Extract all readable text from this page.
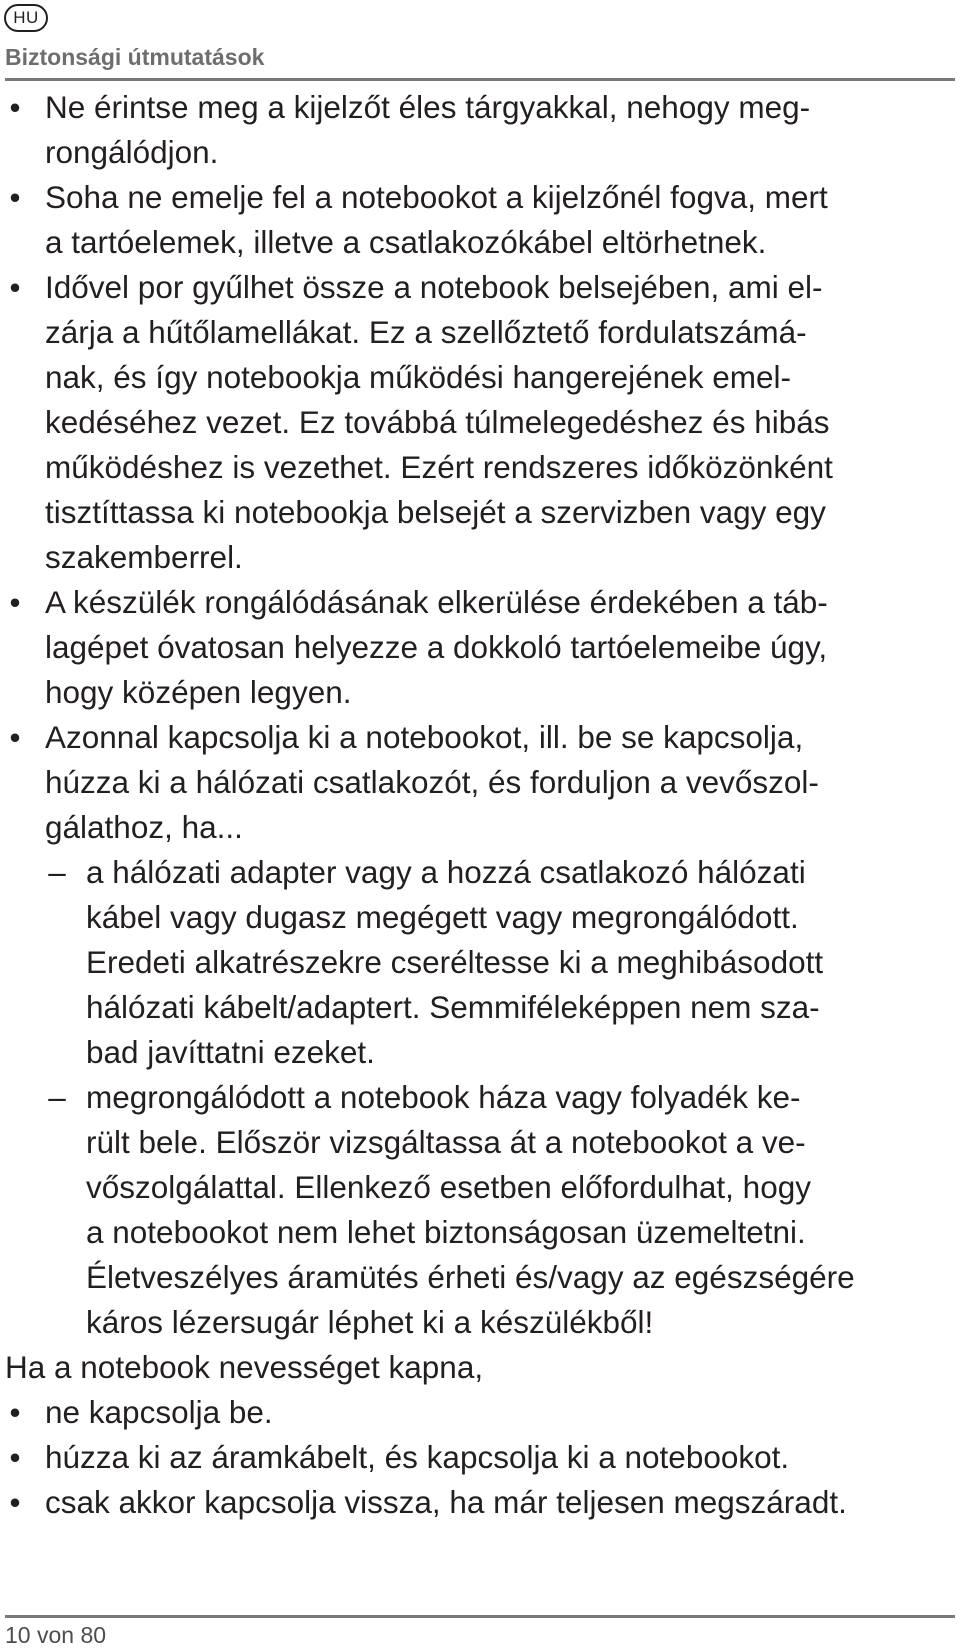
HU
Biztonsági útmutatások
• Ne érintse meg a kijelzőt éles tárgyakkal, nehogy meg-
rongálódjon.
• Soha ne emelje fel a notebookot a kijelzőnél fogva, mert
a tartóelemek, illetve a csatlakozókábel eltörhetnek.
• Idővel por gyűlhet össze a notebook belsejében, ami el-
zárja a hűtőlamellákat. Ez a szellőztető fordulatszámá-
nak, és így notebookja működési hangerejének emel-
kedéséhez vezet. Ez továbbá túlmelegedéshez és hibás
működéshez is vezethet. Ezért rendszeres időközönként
tisztíttassa ki notebookja belsejét a szervizben vagy egy
szakemberrel.
• A készülék rongálódásának elkerülése érdekében a táb-
lagépet óvatosan helyezze a dokkoló tartóelemeibe úgy,
hogy középen legyen.
• Azonnal kapcsolja ki a notebookot, ill. be se kapcsolja,
húzza ki a hálózati csatlakozót, és forduljon a vevőszol-
gálathoz, ha...
– a hálózati adapter vagy a hozzá csatlakozó hálózati
kábel vagy dugasz megégett vagy megrongálódott.
Eredeti alkatrészekre cseréltesse ki a meghibásodott
hálózati kábelt/adaptert. Semmiféleképpen nem sza-
bad javíttatni ezeket.
– megrongálódott a notebook háza vagy folyadék ke-
rült bele. Először vizsgáltassa át a notebookot a ve-
vőszolgálattal. Ellenkező esetben előfordulhat, hogy
a notebookot nem lehet biztonságosan üzemeltetni.
Életveszélyes áramütés érheti és/vagy az egészségére
káros lézersugár léphet ki a készülékből!
Ha a notebook nevességet kapna,
• ne kapcsolja be.
• húzza ki az áramkábelt, és kapcsolja ki a notebookot.
• csak akkor kapcsolja vissza, ha már teljesen megszáradt.
10 von 80
